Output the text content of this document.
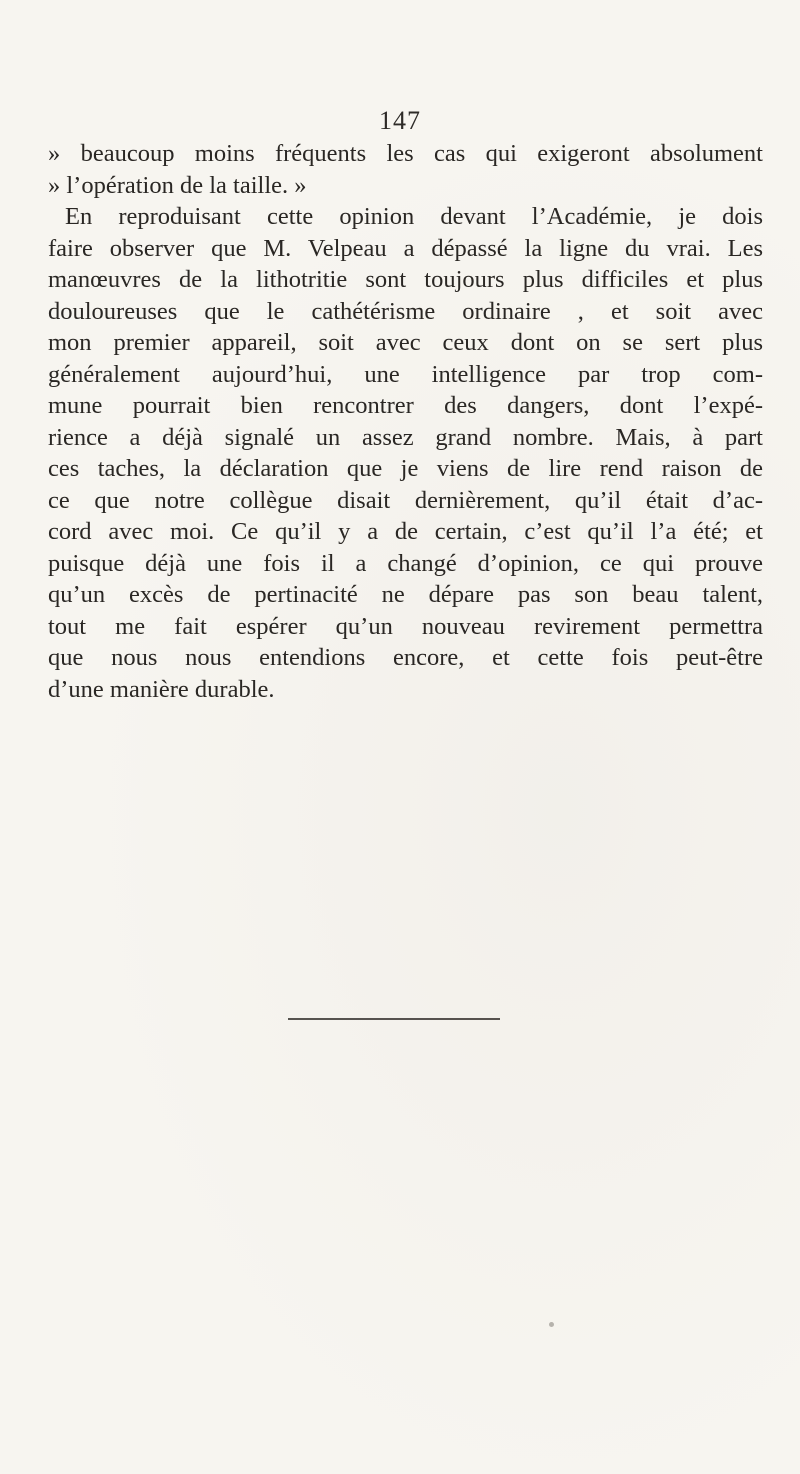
147
» beaucoup moins fréquents les cas qui exigeront absolument
» l’opération de la taille. »
En reproduisant cette opinion devant l’Académie, je dois
faire observer que M. Velpeau a dépassé la ligne du vrai. Les
manœuvres de la lithotritie sont toujours plus difficiles et plus
douloureuses que le cathétérisme ordinaire , et soit avec
mon premier appareil, soit avec ceux dont on se sert plus
généralement aujourd’hui, une intelligence par trop com-
mune pourrait bien rencontrer des dangers, dont l’expé-
rience a déjà signalé un assez grand nombre. Mais, à part
ces taches, la déclaration que je viens de lire rend raison de
ce que notre collègue disait dernièrement, qu’il était d’ac-
cord avec moi. Ce qu’il y a de certain, c’est qu’il l’a été; et
puisque déjà une fois il a changé d’opinion, ce qui prouve
qu’un excès de pertinacité ne dépare pas son beau talent,
tout me fait espérer qu’un nouveau revirement permettra
que nous nous entendions encore, et cette fois peut-être
d’une manière durable.
